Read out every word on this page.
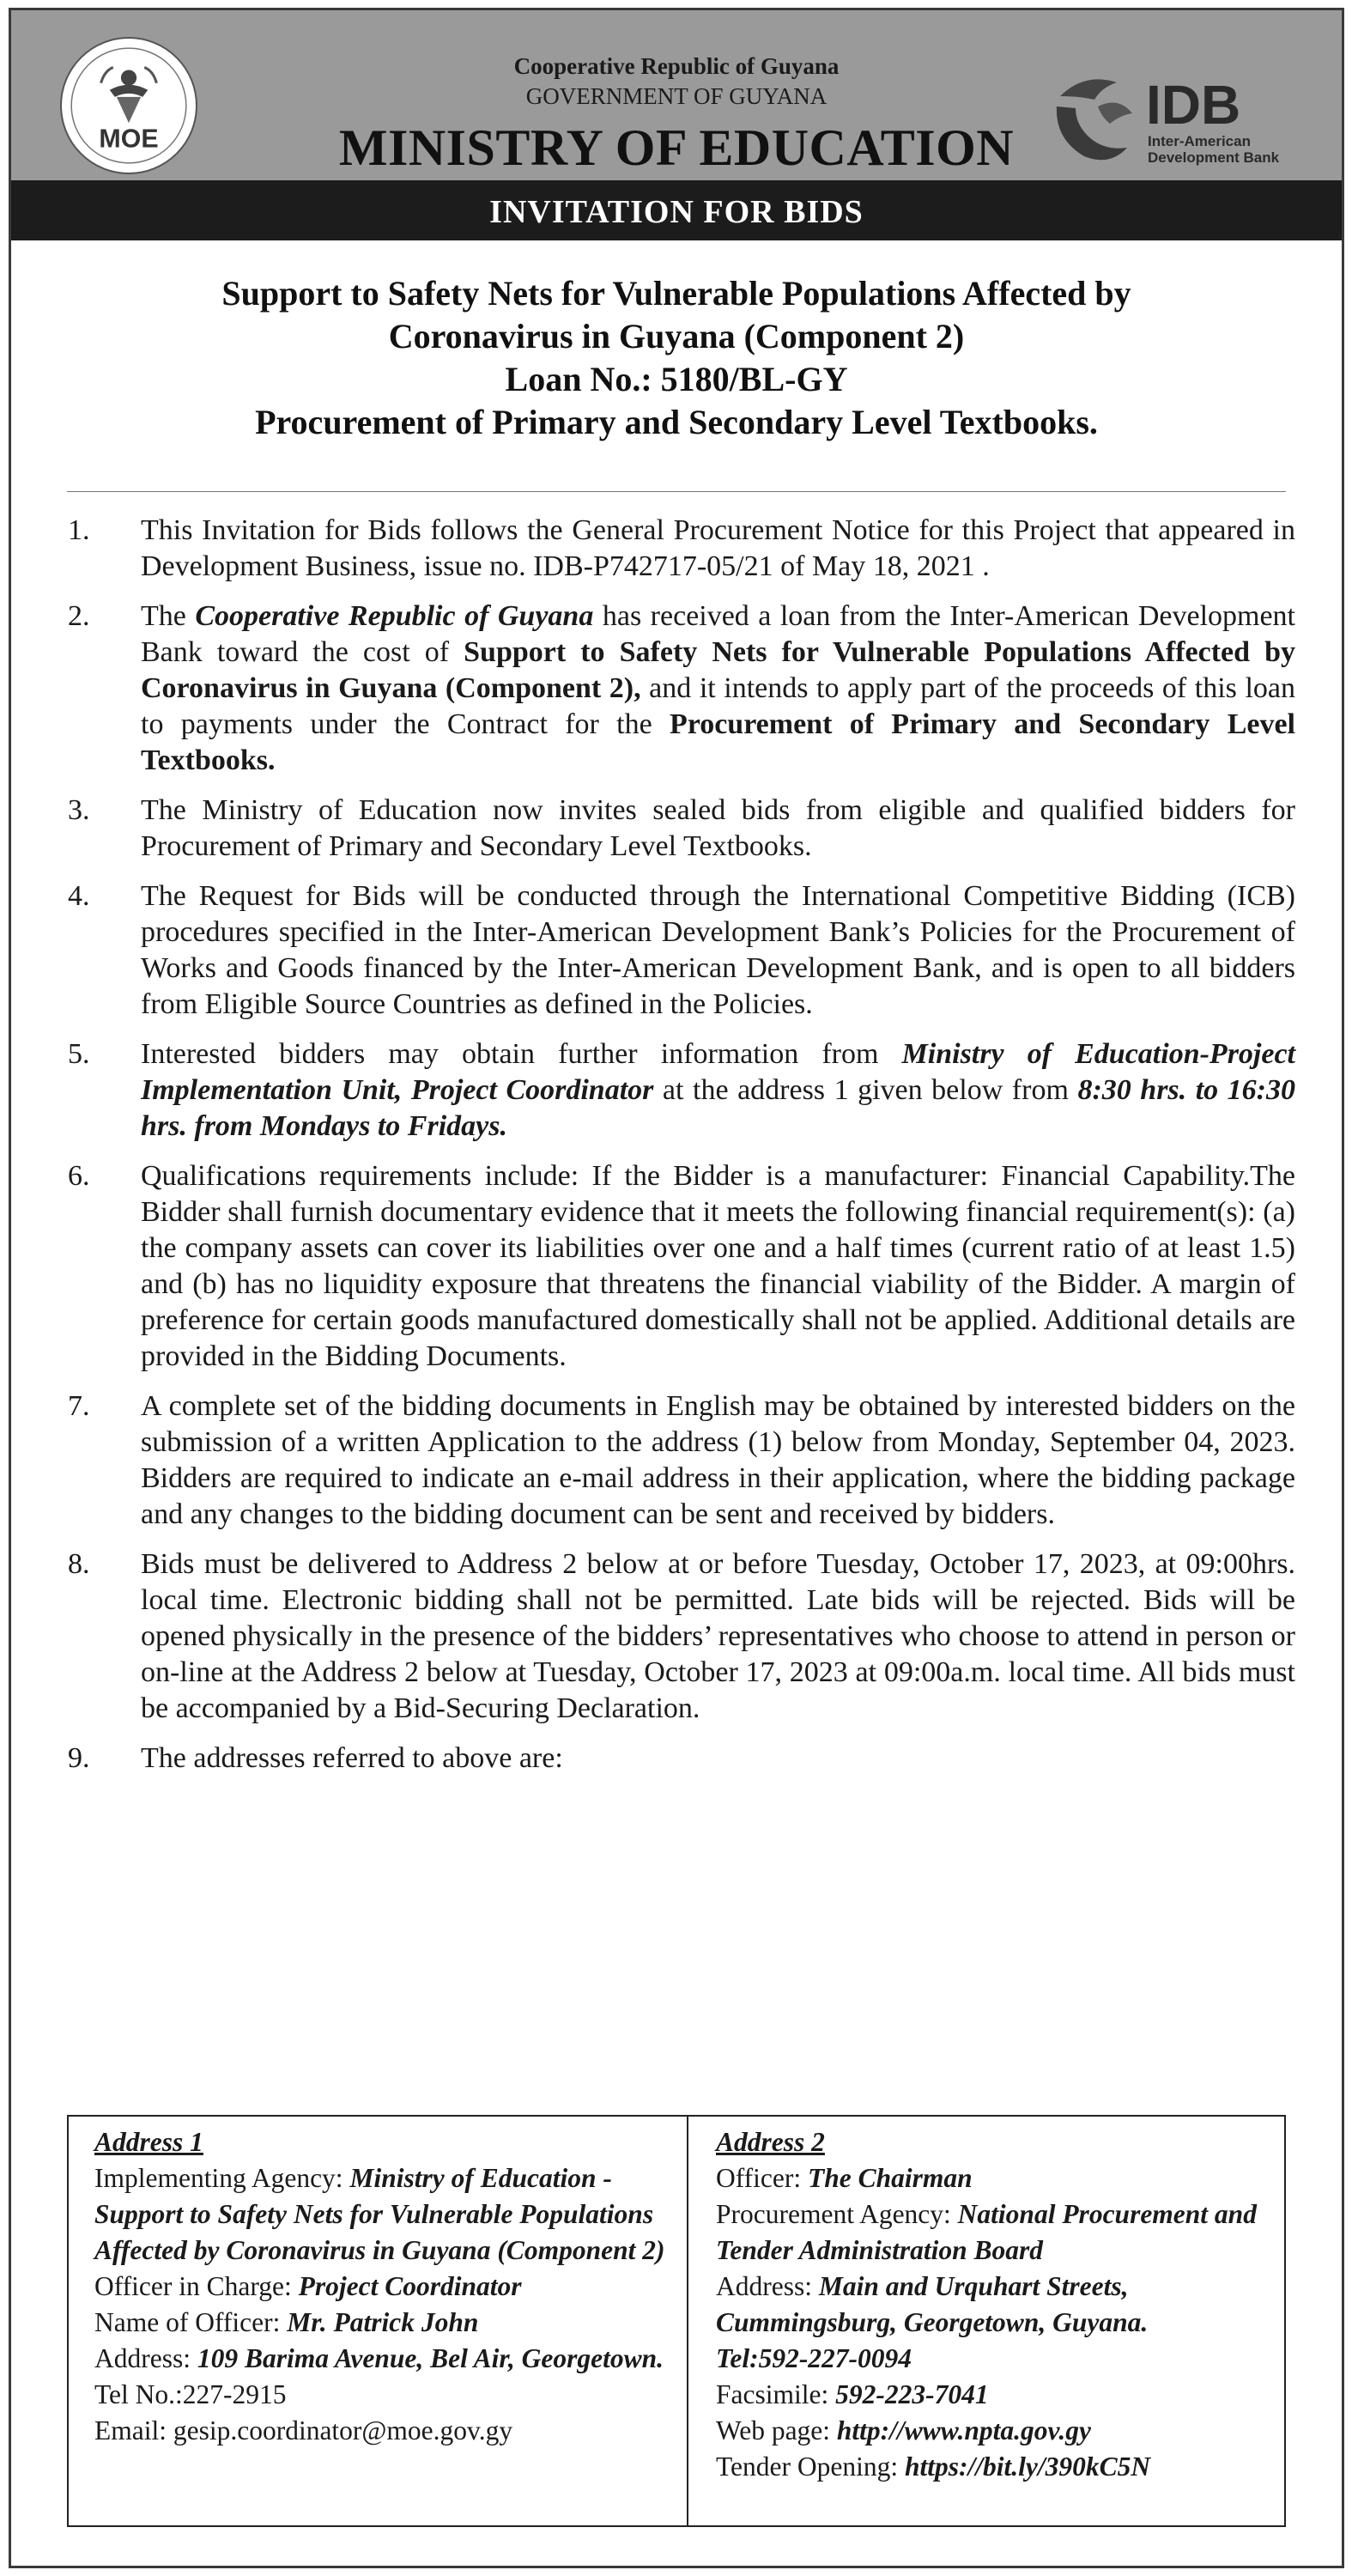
MOE
Cooperative Republic of Guyana
GOVERNMENT OF GUYANA
MINISTRY OF EDUCATION
IDB
Inter-American
Development Bank
INVITATION FOR BIDS
Support to Safety Nets for Vulnerable Populations Affected by
Coronavirus in Guyana (Component 2)
Loan No.: 5180/BL-GY
Procurement of Primary and Secondary Level Textbooks.
1. This Invitation for Bids follows the General Procurement Notice for this Project that appeared in Development Business, issue no. IDB-P742717-05/21 of May 18, 2021 .
2. The Cooperative Republic of Guyana has received a loan from the Inter-American Development Bank toward the cost of Support to Safety Nets for Vulnerable Populations Affected by Coronavirus in Guyana (Component 2), and it intends to apply part of the proceeds of this loan to payments under the Contract for the Procurement of Primary and Secondary Level Textbooks.
3. The Ministry of Education now invites sealed bids from eligible and qualified bidders for Procurement of Primary and Secondary Level Textbooks.
4. The Request for Bids will be conducted through the International Competitive Bidding (ICB) procedures specified in the Inter-American Development Bank’s Policies for the Procurement of Works and Goods financed by the Inter-American Development Bank, and is open to all bidders from Eligible Source Countries as defined in the Policies.
5. Interested bidders may obtain further information from Ministry of Education-Project Implementation Unit, Project Coordinator at the address 1 given below from 8:30 hrs. to 16:30 hrs. from Mondays to Fridays.
6. Qualifications requirements include: If the Bidder is a manufacturer: Financial Capability.The Bidder shall furnish documentary evidence that it meets the following financial requirement(s): (a) the company assets can cover its liabilities over one and a half times (current ratio of at least 1.5) and (b) has no liquidity exposure that threatens the financial viability of the Bidder. A margin of preference for certain goods manufactured domestically shall not be applied. Additional details are provided in the Bidding Documents.
7. A complete set of the bidding documents in English may be obtained by interested bidders on the submission of a written Application to the address (1) below from Monday, September 04, 2023. Bidders are required to indicate an e-mail address in their application, where the bidding package and any changes to the bidding document can be sent and received by bidders.
8. Bids must be delivered to Address 2 below at or before Tuesday, October 17, 2023, at 09:00hrs. local time. Electronic bidding shall not be permitted. Late bids will be rejected. Bids will be opened physically in the presence of the bidders’ representatives who choose to attend in person or on-line at the Address 2 below at Tuesday, October 17, 2023 at 09:00a.m. local time. All bids must be accompanied by a Bid-Securing Declaration.
9. The addresses referred to above are:
Address 1
Implementing Agency: Ministry of Education - Support to Safety Nets for Vulnerable Populations Affected by Coronavirus in Guyana (Component 2)
Officer in Charge: Project Coordinator
Name of Officer: Mr. Patrick John
Address: 109 Barima Avenue, Bel Air, Georgetown.
Tel No.:227-2915
Email: gesip.coordinator@moe.gov.gy
Address 2
Officer: The Chairman
Procurement Agency: National Procurement and Tender Administration Board
Address: Main and Urquhart Streets, Cummingsburg, Georgetown, Guyana.
Tel:592-227-0094
Facsimile: 592-223-7041
Web page: http://www.npta.gov.gy
Tender Opening: https://bit.ly/390kC5N
